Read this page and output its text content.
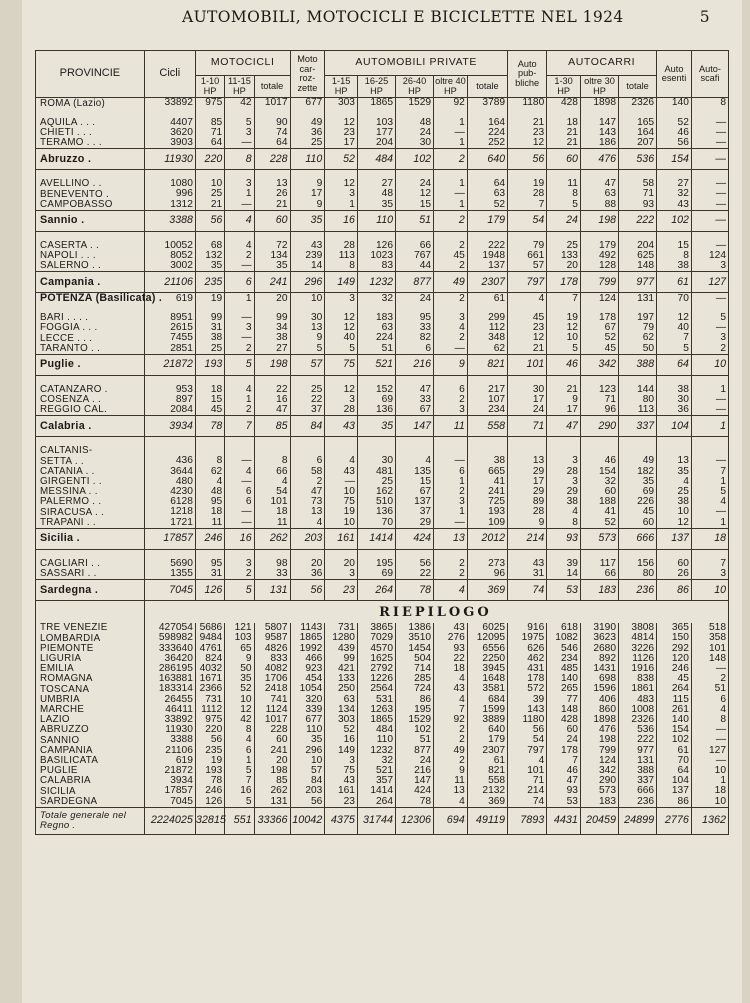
AUTOMOBILI, MOTOCICLI E BICICLETTE NEL 1924	5
PROVINCIE	Cicli	MOTOCICLI			Moto car- roz- zette	AUTOMOBILI PRIVATE					Auto pub- bliche	AUTOCARRI			Auto esenti	Auto- scafi
		1-10 HP	11-15 HP	totale		1-15 HP	16-25 HP	26-40 HP	oltre 40 HP	totale		1-30 HP	oltre 30 HP	totale		
ROMA (Lazio)	33892	975	42	1017	677	303	1865	1529	92	3789	1180	428	1898	2326	140	8

AQUILA . . .	4407	85	5	90	49	12	103	48	1	164	21	18	147	165	52	—
CHIETI . . .	3620	71	3	74	36	23	177	24	—	224	23	21	143	164	46	—
TERAMO . . .	3903	64	—	64	25	17	204	30	1	252	12	21	186	207	56	—
Abruzzo .	11930	220	8	228	110	52	484	102	2	640	56	60	476	536	154	—

AVELLINO . .	1080	10	3	13	9	12	27	24	1	64	19	11	47	58	27	—
BENEVENTO .	996	25	1	26	17	3	48	12	—	63	28	8	63	71	32	—
CAMPOBASSO	1312	21	—	21	9	1	35	15	1	52	7	5	88	93	43	—
Sannio .	3388	56	4	60	35	16	110	51	2	179	54	24	198	222	102	—

CASERTA . .	10052	68	4	72	43	28	126	66	2	222	79	25	179	204	15	—
NAPOLI . . .	8052	132	2	134	239	113	1023	767	45	1948	661	133	492	625	8	124
SALERNO . .	3002	35	—	35	14	8	83	44	2	137	57	20	128	148	38	3
Campania .	21106	235	6	241	296	149	1232	877	49	2307	797	178	799	977	61	127
POTENZA (Basilicata) .	619	19	1	20	10	3	32	24	2	61	4	7	124	131	70	—

BARI . . . .	8951	99	—	99	30	12	183	95	3	299	45	19	178	197	12	5
FOGGIA . . .	2615	31	3	34	13	12	63	33	4	112	23	12	67	79	40	—
LECCE . . .	7455	38	—	38	9	40	224	82	2	348	12	10	52	62	7	3
TARANTO . .	2851	25	2	27	5	5	51	6	—	62	21	5	45	50	5	2
Puglie .	21872	193	5	198	57	75	521	216	9	821	101	46	342	388	64	10

CATANZARO .	953	18	4	22	25	12	152	47	6	217	30	21	123	144	38	1
COSENZA . .	897	15	1	16	22	3	69	33	2	107	17	9	71	80	30	—
REGGIO CAL.	2084	45	2	47	37	28	136	67	3	234	24	17	96	113	36	—
Calabria .	3934	78	7	85	84	43	35	147	11	558	71	47	290	337	104	1

CALTANIS-																
SETTA . .	436	8	—	8	6	4	30	4	—	38	13	3	46	49	13	—
CATANIA . .	3644	62	4	66	58	43	481	135	6	665	29	28	154	182	35	7
GIRGENTI . .	480	4	—	4	2	—	25	15	1	41	17	3	32	35	4	1
MESSINA . .	4230	48	6	54	47	10	162	67	2	241	29	29	60	69	25	5
PALERMO . .	6128	95	6	101	73	75	510	137	3	725	89	38	188	226	38	4
SIRACUSA . .	1218	18	—	18	13	19	136	37	1	193	28	4	41	45	10	—
TRAPANI . .	1721	11	—	11	4	10	70	29	—	109	9	8	52	60	12	1
Sicilia .	17857	246	16	262	203	161	1414	424	13	2012	214	93	573	666	137	18

CAGLIARI . .	5690	95	3	98	20	20	195	56	2	273	43	39	117	156	60	7
SASSARI . .	1355	31	2	33	36	3	69	22	2	96	31	14	66	80	26	3
Sardegna .	7045	126	5	131	56	23	264	78	4	369	74	53	183	236	86	10
	RIEPILOGO															
TRE VENEZIE	427054	5686	121	5807	1143	731	3865	1386	43	6025	916	618	3190	3808	365	518
LOMBARDIA	598982	9484	103	9587	1865	1280	7029	3510	276	12095	1975	1082	3623	4814	150	358
PIEMONTE	333640	4761	65	4826	1992	439	4570	1454	93	6556	626	546	2680	3226	292	101
LIGURIA	36420	824	9	833	466	99	1625	504	22	2250	462	234	892	1126	120	148
EMILIA	286195	4032	50	4082	923	421	2792	714	18	3945	431	485	1431	1916	246	—
ROMAGNA	163881	1671	35	1706	454	133	1226	285	4	1648	178	140	698	838	45	2
TOSCANA	183314	2366	52	2418	1054	250	2564	724	43	3581	572	265	1596	1861	264	51
UMBRIA	26455	731	10	741	320	63	531	86	4	684	39	77	406	483	115	6
MARCHE	46411	1112	12	1124	339	134	1263	195	7	1599	143	148	860	1008	261	4
LAZIO	33892	975	42	1017	677	303	1865	1529	92	3889	1180	428	1898	2326	140	8
ABRUZZO	11930	220	8	228	110	52	484	102	2	640	56	60	476	536	154	—
SANNIO	3388	56	4	60	35	16	110	51	2	179	54	24	198	222	102	—
CAMPANIA	21106	235	6	241	296	149	1232	877	49	2307	797	178	799	977	61	127
BASILICATA	619	19	1	20	10	3	32	24	2	61	4	7	124	131	70	—
PUGLIE	21872	193	5	198	57	75	521	216	9	821	101	46	342	388	64	10
CALABRIA	3934	78	7	85	84	43	357	147	11	558	71	47	290	337	104	1
SICILIA	17857	246	16	262	203	161	1414	424	13	2132	214	93	573	666	137	18
SARDEGNA	7045	126	5	131	56	23	264	78	4	369	74	53	183	236	86	10
Totale generale nel Regno .	2224025	32815	551	33366	10042	4375	31744	12306	694	49119	7893	4431	20459	24899	2776	1362
